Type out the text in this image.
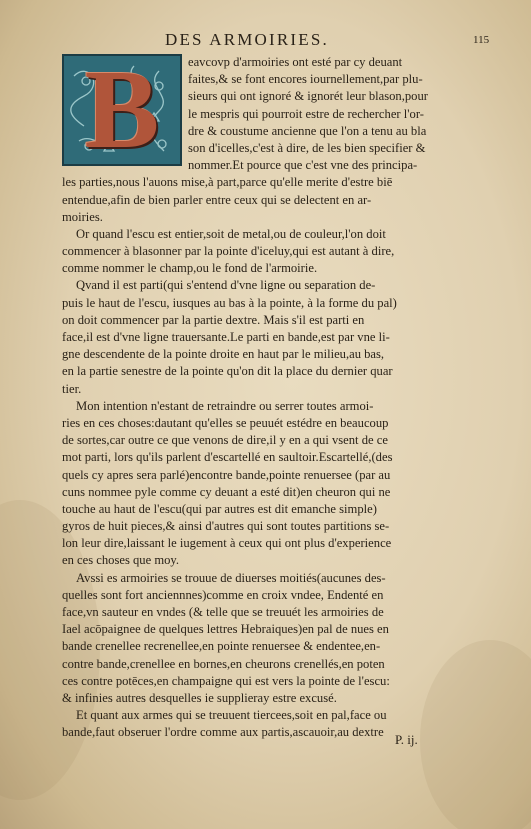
DES ARMOIRIES.	115
B	eavcovp d'armoiries ont esté par cy deuant
faites,& se font encores iournellement,par plu-
sieurs qui ont ignoré & ignorét leur blason,pour
le mespris qui pourroit estre de rechercher l'or-
dre & coustume ancienne que l'on a tenu au bla
son d'icelles,c'est à dire, de les bien specifier &
nommer.Et pource que c'est vne des principa-
les parties,nous l'auons mise,à part,parce qu'elle merite d'estre biē
entendue,afin de bien parler entre ceux qui se delectent en ar-
moiries.
Or quand l'escu est entier,soit de metal,ou de couleur,l'on doit
commencer à blasonner par la pointe d'iceluy,qui est autant à dire,
comme nommer le champ,ou le fond de l'armoirie.
Qvand il est parti(qui s'entend d'vne ligne ou separation de-
puis le haut de l'escu, iusques au bas à la pointe, à la forme du pal)
on doit commencer par la partie dextre. Mais s'il est parti en
face,il est d'vne ligne trauersante.Le parti en bande,est par vne li-
gne descendente de la pointe droite en haut par le milieu,au bas,
en la partie senestre de la pointe qu'on dit la place du dernier quar
tier.
Mon intention n'estant de retraindre ou serrer toutes armoi-
ries en ces choses:dautant qu'elles se peuuét estédre en beaucoup
de sortes,car outre ce que venons de dire,il y en a qui vsent de ce
mot parti, lors qu'ils parlent d'escartellé en saultoir.Escartellé,(des
quels cy apres sera parlé)encontre bande,pointe renuersee (par au
cuns nommee pyle comme cy deuant a esté dit)en cheuron qui ne
touche au haut de l'escu(qui par autres est dit emanche simple)
gyros de huit pieces,& ainsi d'autres qui sont toutes partitions se-
lon leur dire,laissant le iugement à ceux qui ont plus d'experience
en ces choses que moy.
Avssi es armoiries se trouue de diuerses moitiés(aucunes des-
quelles sont fort anciennnes)comme en croix vndee, Endenté en
face,vn sauteur en vndes (& telle que se treuuét les armoiries de
Iael acōpaignee de quelques lettres Hebraiques)en pal de nues en
bande crenellee recrenellee,en pointe renuersee & endentee,en-
contre bande,crenellee en bornes,en cheurons crenellés,en poten
ces contre potēces,en champaigne qui est vers la pointe de l'escu:
& infinies autres desquelles ie supplieray estre excusé.
Et quant aux armes qui se treuuent tiercees,soit en pal,face ou
bande,faut obseruer l'ordre comme aux partis,ascauoir,au dextre P. ij.
